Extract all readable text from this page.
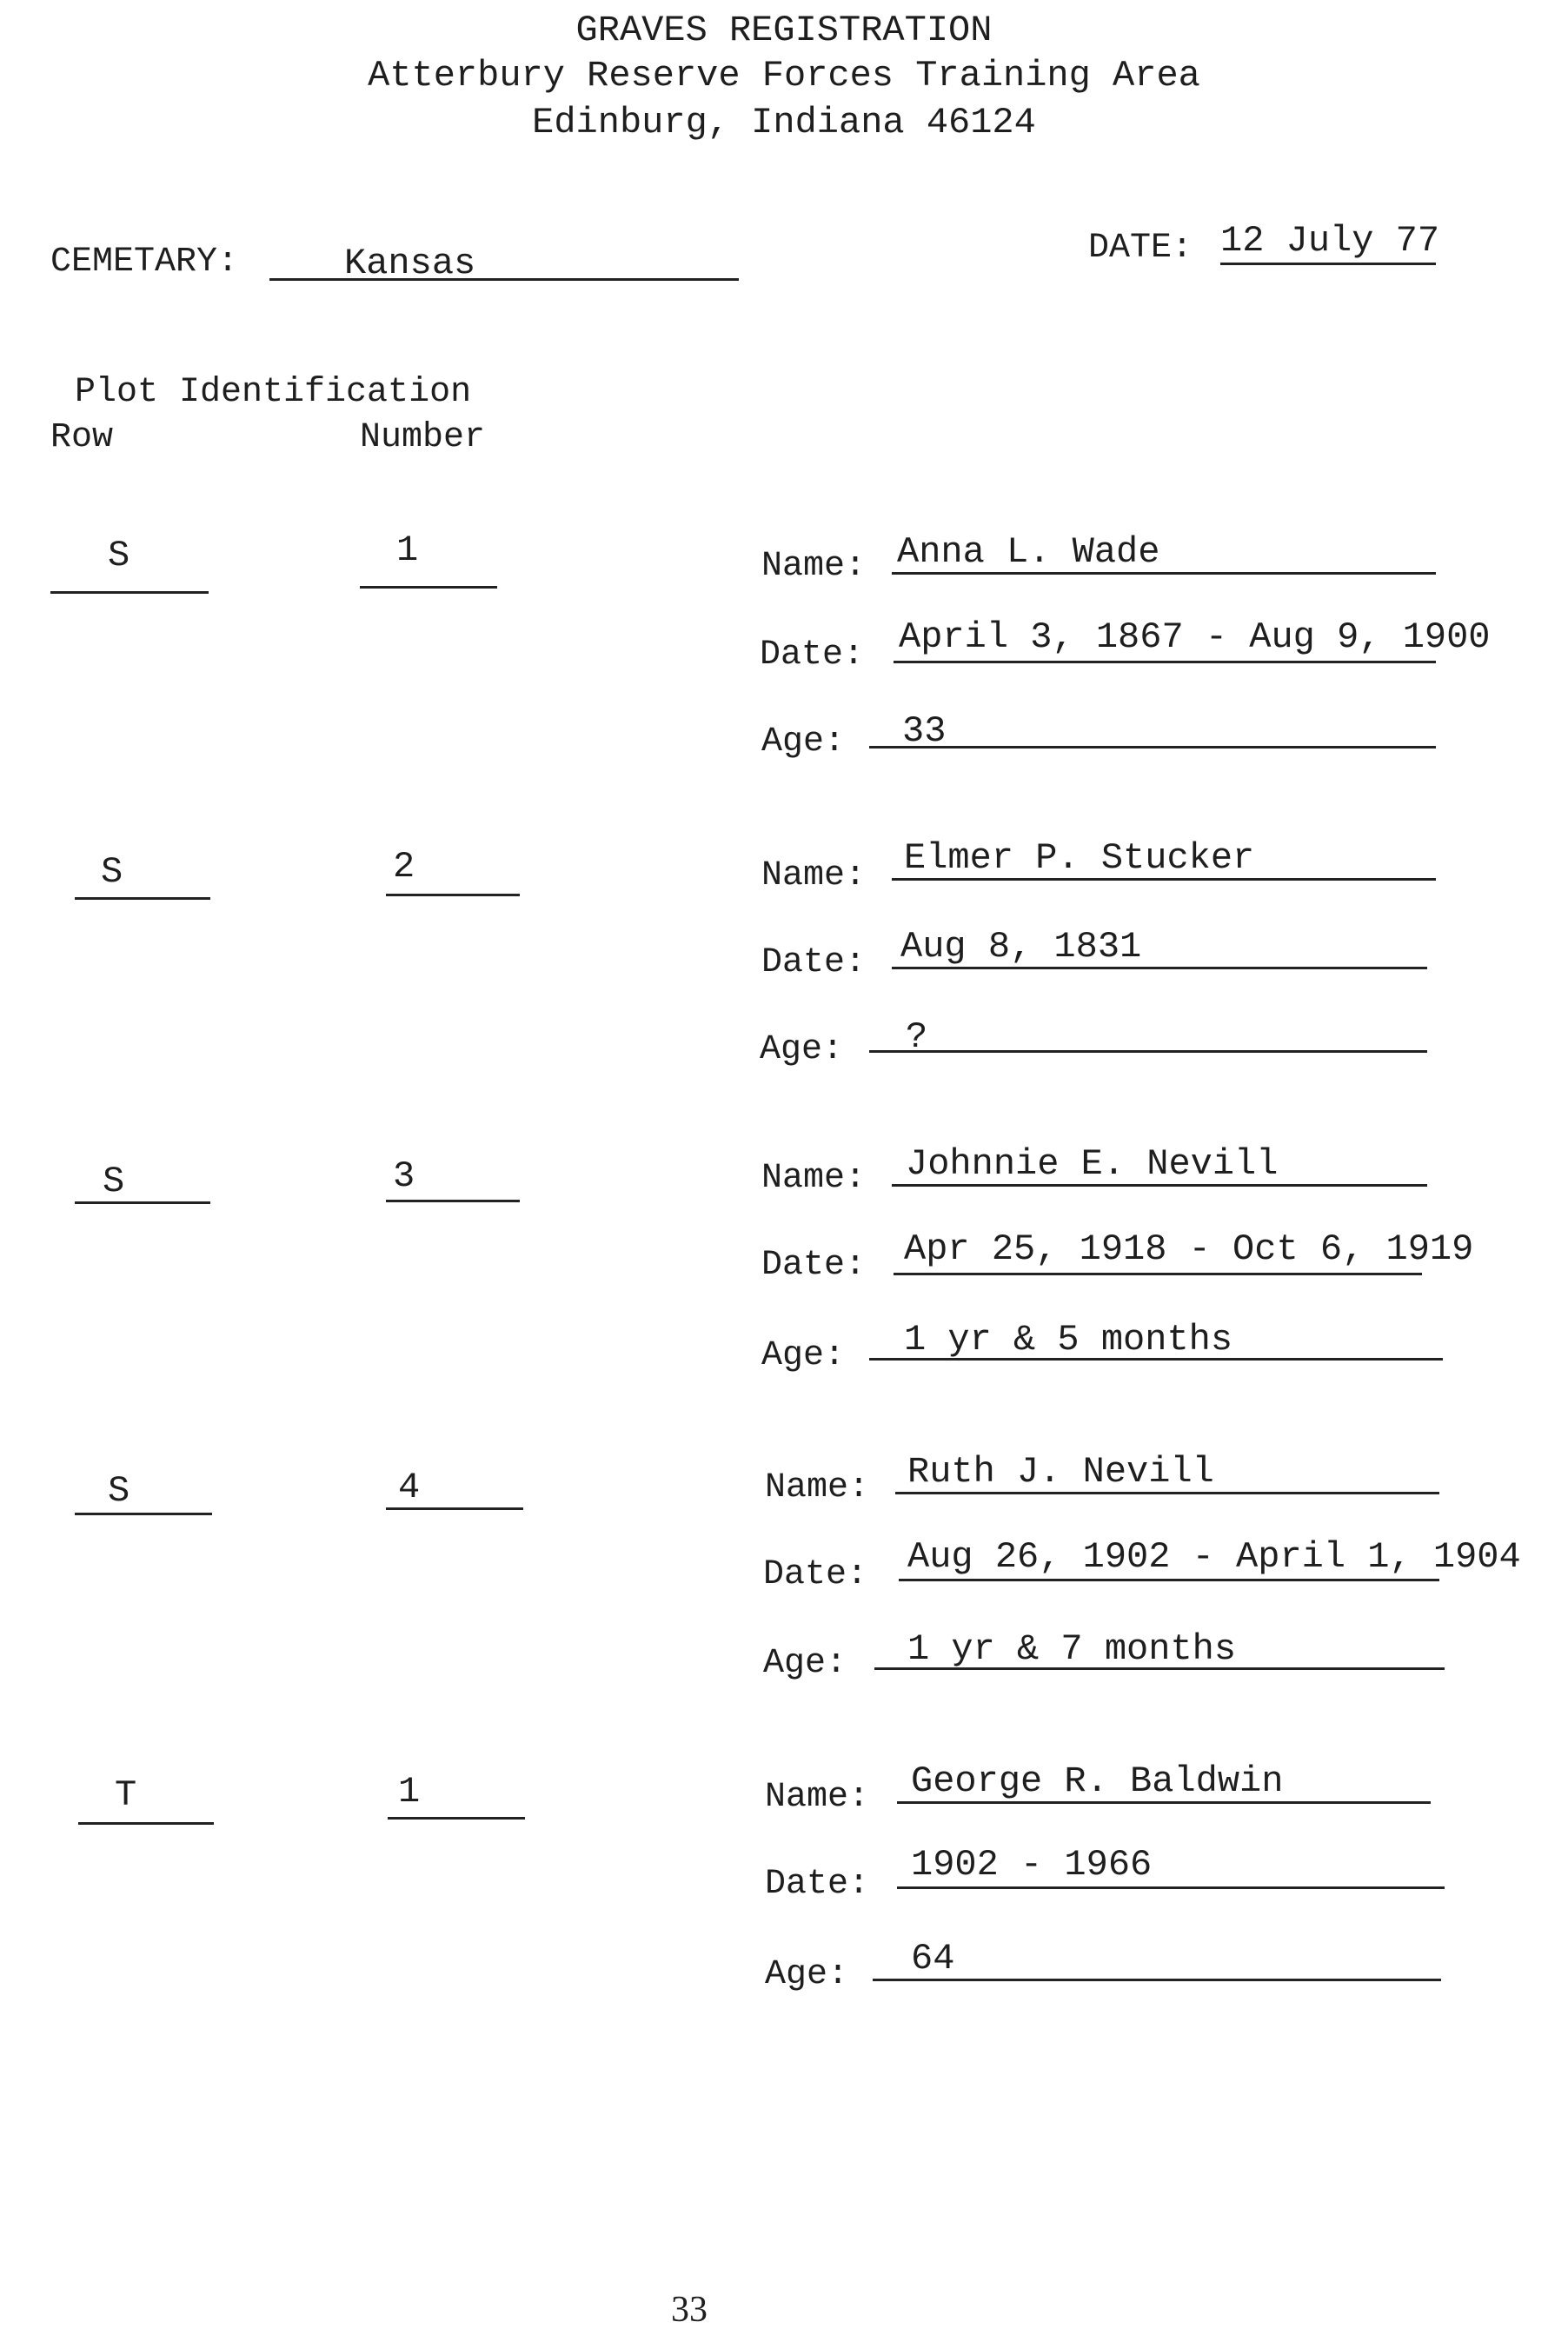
GRAVES REGISTRATION
Atterbury Reserve Forces Training Area
Edinburg, Indiana 46124
CEMETARY:	Kansas	DATE: 12 July 77
Plot Identification
Row	Number
S	1	Name: Anna L. Wade
Date: April 3, 1867 - Aug 9, 1900
Age: 33
S	2	Name: Elmer P. Stucker
Date: Aug 8, 1831
Age: ?
S	3	Name: Johnnie E. Nevill
Date: Apr 25, 1918 - Oct 6, 1919
Age: 1 yr & 5 months
S	4	Name: Ruth J. Nevill
Date: Aug 26, 1902 - April 1, 1904
Age: 1 yr & 7 months
T	1	Name: George R. Baldwin
Date: 1902 - 1966
Age: 64
33
